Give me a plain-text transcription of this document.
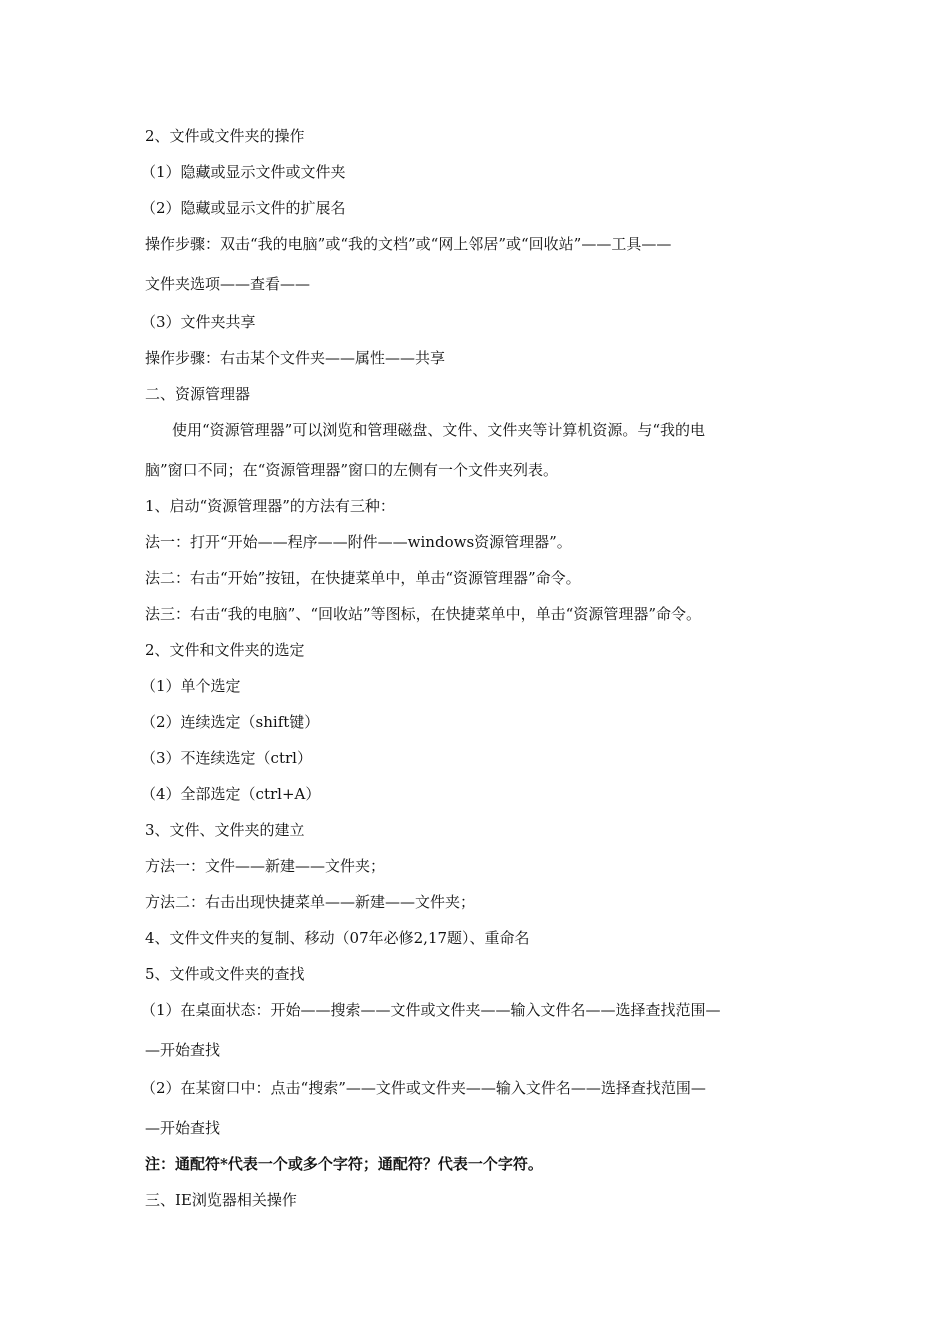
2、文件或文件夹的操作
（1）隐藏或显示文件或文件夹
（2）隐藏或显示文件的扩展名
操作步骤：双击“我的电脑”或“我的文档”或“网上邻居”或“回收站”——工具——
文件夹选项——查看——
（3）文件夹共享
操作步骤：右击某个文件夹——属性——共享
二、资源管理器
使用“资源管理器”可以浏览和管理磁盘、文件、文件夹等计算机资源。与“我的电
脑”窗口不同；在“资源管理器”窗口的左侧有一个文件夹列表。
1、启动“资源管理器”的方法有三种：
法一：打开“开始——程序——附件——windows资源管理器”。
法二：右击“开始”按钮，在快捷菜单中，单击“资源管理器”命令。
法三：右击“我的电脑”、“回收站”等图标，在快捷菜单中，单击“资源管理器”命令。
2、文件和文件夹的选定
（1）单个选定
（2）连续选定（shift键）
（3）不连续选定（ctrl）
（4）全部选定（ctrl+A）
3、文件、文件夹的建立
方法一：文件——新建——文件夹；
方法二：右击出现快捷菜单——新建——文件夹；
4、文件文件夹的复制、移动（07年必修2,17题）、重命名
5、文件或文件夹的查找
（1）在桌面状态：开始——搜索——文件或文件夹——输入文件名——选择查找范围—
—开始查找
（2）在某窗口中：点击“搜索”——文件或文件夹——输入文件名——选择查找范围—
—开始查找
注：通配符*代表一个或多个字符；通配符？代表一个字符。
三、IE浏览器相关操作
